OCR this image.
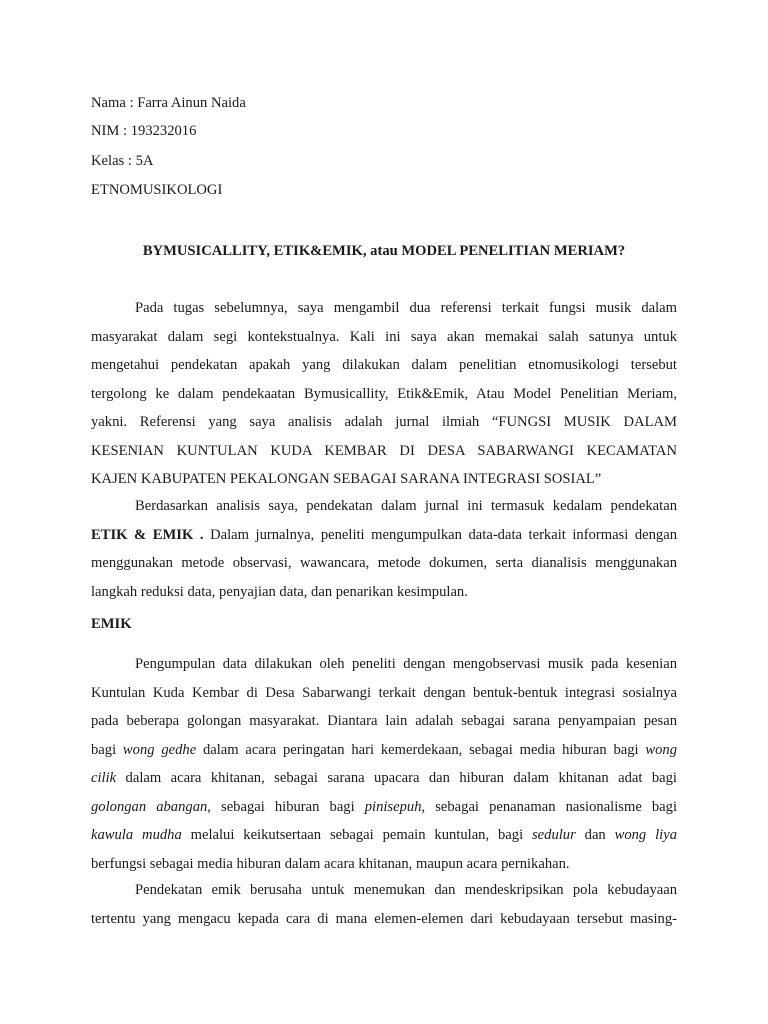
Nama : Farra Ainun Naida
NIM : 193232016
Kelas : 5A
ETNOMUSIKOLOGI
BYMUSICALLITY, ETIK&EMIK, atau MODEL PENELITIAN MERIAM?

Pada tugas sebelumnya, saya mengambil dua referensi terkait fungsi musik dalam

masyarakat dalam segi kontekstualnya. Kali ini saya akan memakai salah satunya untuk

mengetahui pendekatan apakah yang dilakukan dalam penelitian etnomusikologi tersebut

tergolong ke dalam pendekaatan Bymusicallity, Etik&Emik, Atau Model Penelitian Meriam,

yakni. Referensi yang saya analisis adalah jurnal ilmiah “FUNGSI MUSIK DALAM

KESENIAN KUNTULAN KUDA KEMBAR DI DESA SABARWANGI KECAMATAN

KAJEN KABUPATEN PEKALONGAN SEBAGAI SARANA INTEGRASI SOSIAL”

Berdasarkan analisis saya, pendekatan dalam jurnal ini termasuk kedalam pendekatan

ETIK & EMIK . Dalam jurnalnya, peneliti mengumpulkan data-data terkait informasi dengan

menggunakan metode observasi, wawancara, metode dokumen, serta dianalisis menggunakan

langkah reduksi data, penyajian data, dan penarikan kesimpulan.

EMIK

Pengumpulan data dilakukan oleh peneliti dengan mengobservasi musik pada kesenian

Kuntulan Kuda Kembar di Desa Sabarwangi terkait dengan bentuk-bentuk integrasi sosialnya

pada beberapa golongan masyarakat. Diantara lain adalah sebagai sarana penyampaian pesan

bagi wong gedhe dalam acara peringatan hari kemerdekaan, sebagai media hiburan bagi wong

cilik dalam acara khitanan, sebagai sarana upacara dan hiburan dalam khitanan adat bagi

golongan abangan, sebagai hiburan bagi pinisepuh, sebagai penanaman nasionalisme bagi

kawula mudha melalui keikutsertaan sebagai pemain kuntulan, bagi sedulur dan wong liya

berfungsi sebagai media hiburan dalam acara khitanan, maupun acara pernikahan.

Pendekatan emik berusaha untuk menemukan dan mendeskripsikan pola kebudayaan

tertentu yang mengacu kepada cara di mana elemen-elemen dari kebudayaan tersebut masing-
